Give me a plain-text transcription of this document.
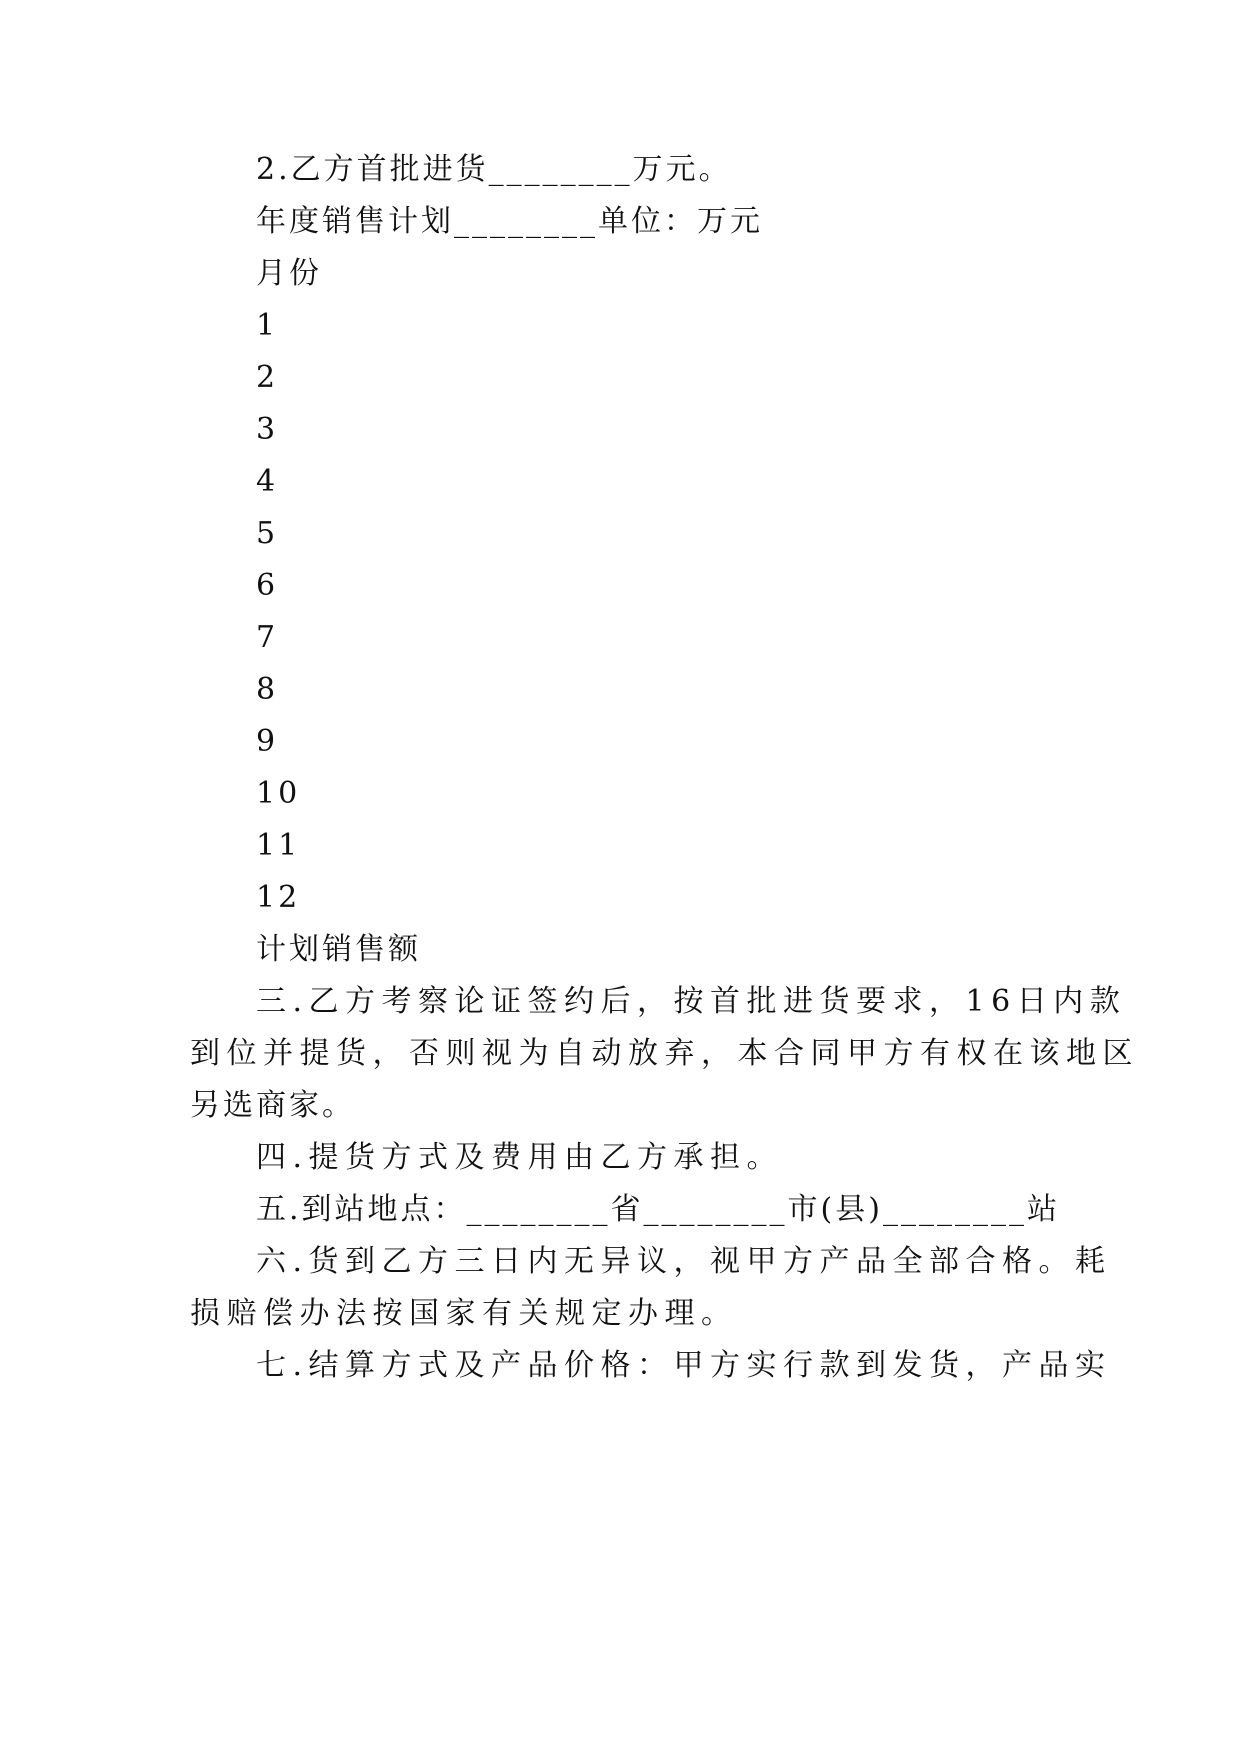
2.乙方首批进货________万元。
年度销售计划________单位：万元
月份
1
2
3
4
5
6
7
8
9
10
11
12
计划销售额
三.乙方考察论证签约后，按首批进货要求，16日内款
到位并提货，否则视为自动放弃，本合同甲方有权在该地区
另选商家。
四.提货方式及费用由乙方承担。
五.到站地点：________省________市(县)________站
六.货到乙方三日内无异议，视甲方产品全部合格。耗
损赔偿办法按国家有关规定办理。
七.结算方式及产品价格：甲方实行款到发货，产品实
